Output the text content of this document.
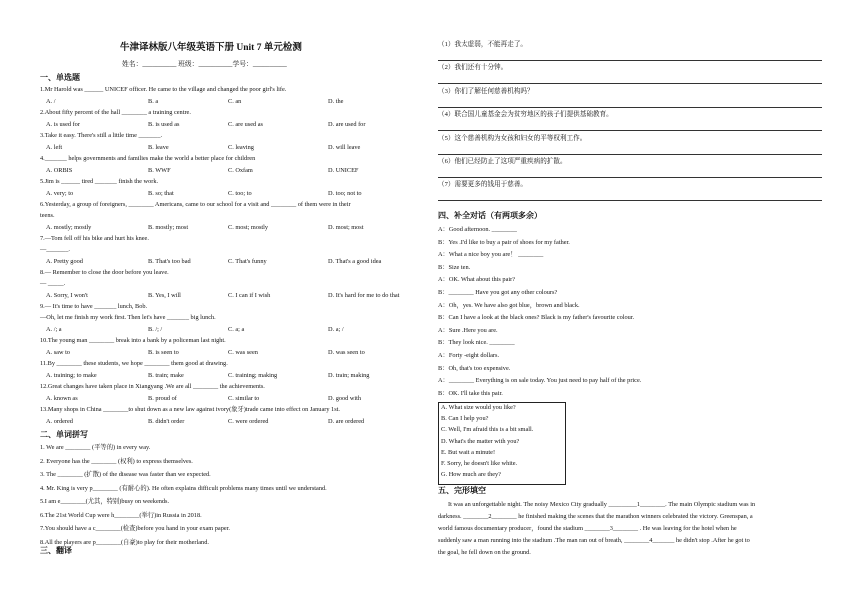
牛津译林版八年级英语下册 Unit 7 单元检测
姓名：__________ 班级：__________学号：__________
一、单选题
1.Mr Harold was ______ UNICEF officer. He came to the village and changed the poor girl's life.
A. /	B. a	C. an	D. the
2.About fifty percent of the hall ________ a training centre.
A. is used for	B. is used as	C. are used as	D. are used for
3.Take it easy. There's still a little time _______.
A. left	B. leave	C. leaving	D. will leave
4._______ helps governments and families make the world a better place for children
A. ORBIS	B. WWF	C. Oxfam	D. UNICEF
5.Jim is ______ tired _______ finish the work.
A. very; to	B. so; that	C. too; to	D. too; not to
6.Yesterday, a group of foreigners, ________ Americans, came to our school for a visit and ________ of them were in their
teens.
A. mostly; mostly	B. mostly; most	C. most; mostly	D. most; most
7.—Tom fell off his bike and hurt his knee.
—_______.
A. Pretty good	B. That's too bad	C. That's funny	D. That's a good idea
8.— Remember to close the door before you leave.
— _____.
A. Sorry, I won't	B. Yes, I will	C. I can if I wish	D. It's hard for me to do that
9.— It's time to have _______ lunch, Bob.
—Oh, let me finish my work first. Then let's have _______ big lunch.
A. /; a	B. /; /	C. a; a	D. a; /
10.The young man ________ break into a bank by a policeman last night.
A. saw to	B. is seen to	C. was seen	D. was seen to
11.By ________ these students, we hope ________ them good at drawing.
A. training; to make	B. train; make	C. training; making	D. train; making
12.Great changes have taken place in Xiangyang .We are all ________ the achievements.
A. known as	B. proud of	C. similar to	D. good with
13.Many shops in China ________to shut down as a new law against ivory(象牙)trade came into effect on January 1st.
A. ordered	B. didn't order	C. were ordered	D. are ordered
二、单词拼写
1. We are ________ (平等的) in every way.
2. Everyone has the ________ (权利) to express themselves.
3. The ________ (扩散) of the disease was faster than we expected.
4. Mr. King is very p________ (有耐心的). He often explains difficult problems many times until we understand.
5.I am e________(尤其，特别)busy on weekends.
6.The 21st World Cup were h________(举行)in Russia in 2018.
7.You should have a c________(检查)before you hand in your exam paper.
8.All the players are p________(自豪)to play for their motherland.
三、翻译
（1）我太虚弱，不能再走了。
（2）我们还有十分钟。
（3）你们了解任何慈善机构吗？
（4）联合国儿童基金会为贫穷地区的孩子们提供基础教育。
（5）这个慈善机构为女孩和妇女的平等权利工作。
（6）他们已经防止了这项严重疾病的扩散。
（7）需要更多的钱用于慈善。
四、补全对话（有两项多余）
A：Good afternoon. ________
B：Yes .I'd like to buy a pair of shoes for my father.
A：What a nice boy you are！ ________
B：Size ten.
A：OK. What about this pair?
B：________ Have you got any other colours?
A：Oh，yes. We have also got blue，brown and black.
B：Can I have a look at the black ones? Black is my father's favourite colour.
A：Sure .Here you are.
B：They look nice. ________
A：Forty -eight dollars.
B：Oh, that's too expensive.
A：________ Everything is on sale today. You just need to pay half of the price.
B：OK. I'll take this pair.
A. What size would you like?
B. Can I help you?
C. Well, I'm afraid this is a bit small.
D. What's the matter with you?
E. But wait a minute!
F. Sorry, he doesn't like white.
G. How much are they?
五、完形填空
It was an unforgettable night. The noisy Mexico City gradually _________1________. The main Olympic stadium was in
darkness. ________2________ he finished making the scenes that the marathon winners celebrated the victory. Greenspan, a
world famous documentary producer，found the stadium ________3________ . He was leaving for the hotel when he
suddenly saw a man running into the stadium .The man ran out of breath, ________4_______ he didn't stop .After he got to
the goal, he fell down on the ground.
